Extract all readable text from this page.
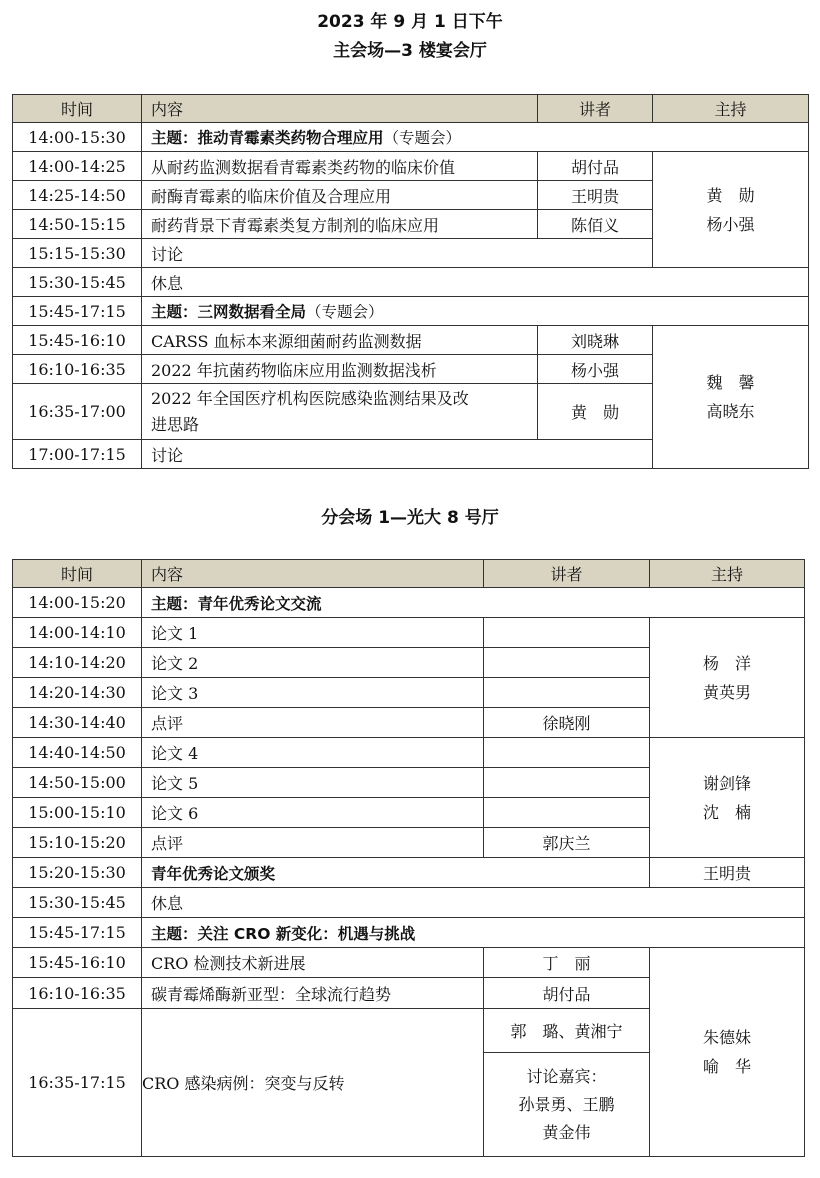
2023 年 9 月 1 日下午
主会场—3 楼宴会厅
时间	内容	讲者	主持
14:00-15:30	主题：推动青霉素类药物合理应用（专题会）		
14:00-14:25	从耐药监测数据看青霉素类药物的临床价值	胡付品	黄　勋
杨小强

14:25-14:50	耐酶青霉素的临床价值及合理应用	王明贵	
14:50-15:15	耐药背景下青霉素类复方制剂的临床应用	陈佰义	
15:15-15:30	讨论		
15:30-15:45	休息		
15:45-17:15	主题：三网数据看全局（专题会）		
15:45-16:10	CARSS 血标本来源细菌耐药监测数据	刘晓琳	魏　馨
高晓东

16:10-16:35	2022 年抗菌药物临床应用监测数据浅析	杨小强	
16:35-17:00	2022 年全国医疗机构医院感染监测结果及改
进思路	黄　勋	
17:00-17:15	讨论		
分会场 1—光大 8 号厅
时间	内容	讲者	主持
14:00-15:20	主题：青年优秀论文交流		
14:00-14:10	论文 1		杨　洋
黄英男

14:10-14:20	论文 2		
14:20-14:30	论文 3		
14:30-14:40	点评	徐晓刚	
14:40-14:50	论文 4		谢剑锋
沈　楠

14:50-15:00	论文 5		
15:00-15:10	论文 6		
15:10-15:20	点评	郭庆兰	
15:20-15:30	青年优秀论文颁奖		王明贵
15:30-15:45	休息		
15:45-17:15	主题：关注 CRO 新变化：机遇与挑战		
15:45-16:10	CRO 检测技术新进展	丁　丽	朱德妹
喻　华

16:10-16:35	碳青霉烯酶新亚型：全球流行趋势	胡付品	
16:35-17:15	CRO 感染病例：突变与反转	郭　璐、黄湘宁	

		讨论嘉宾：
孙景勇、王鹏
黄金伟	
